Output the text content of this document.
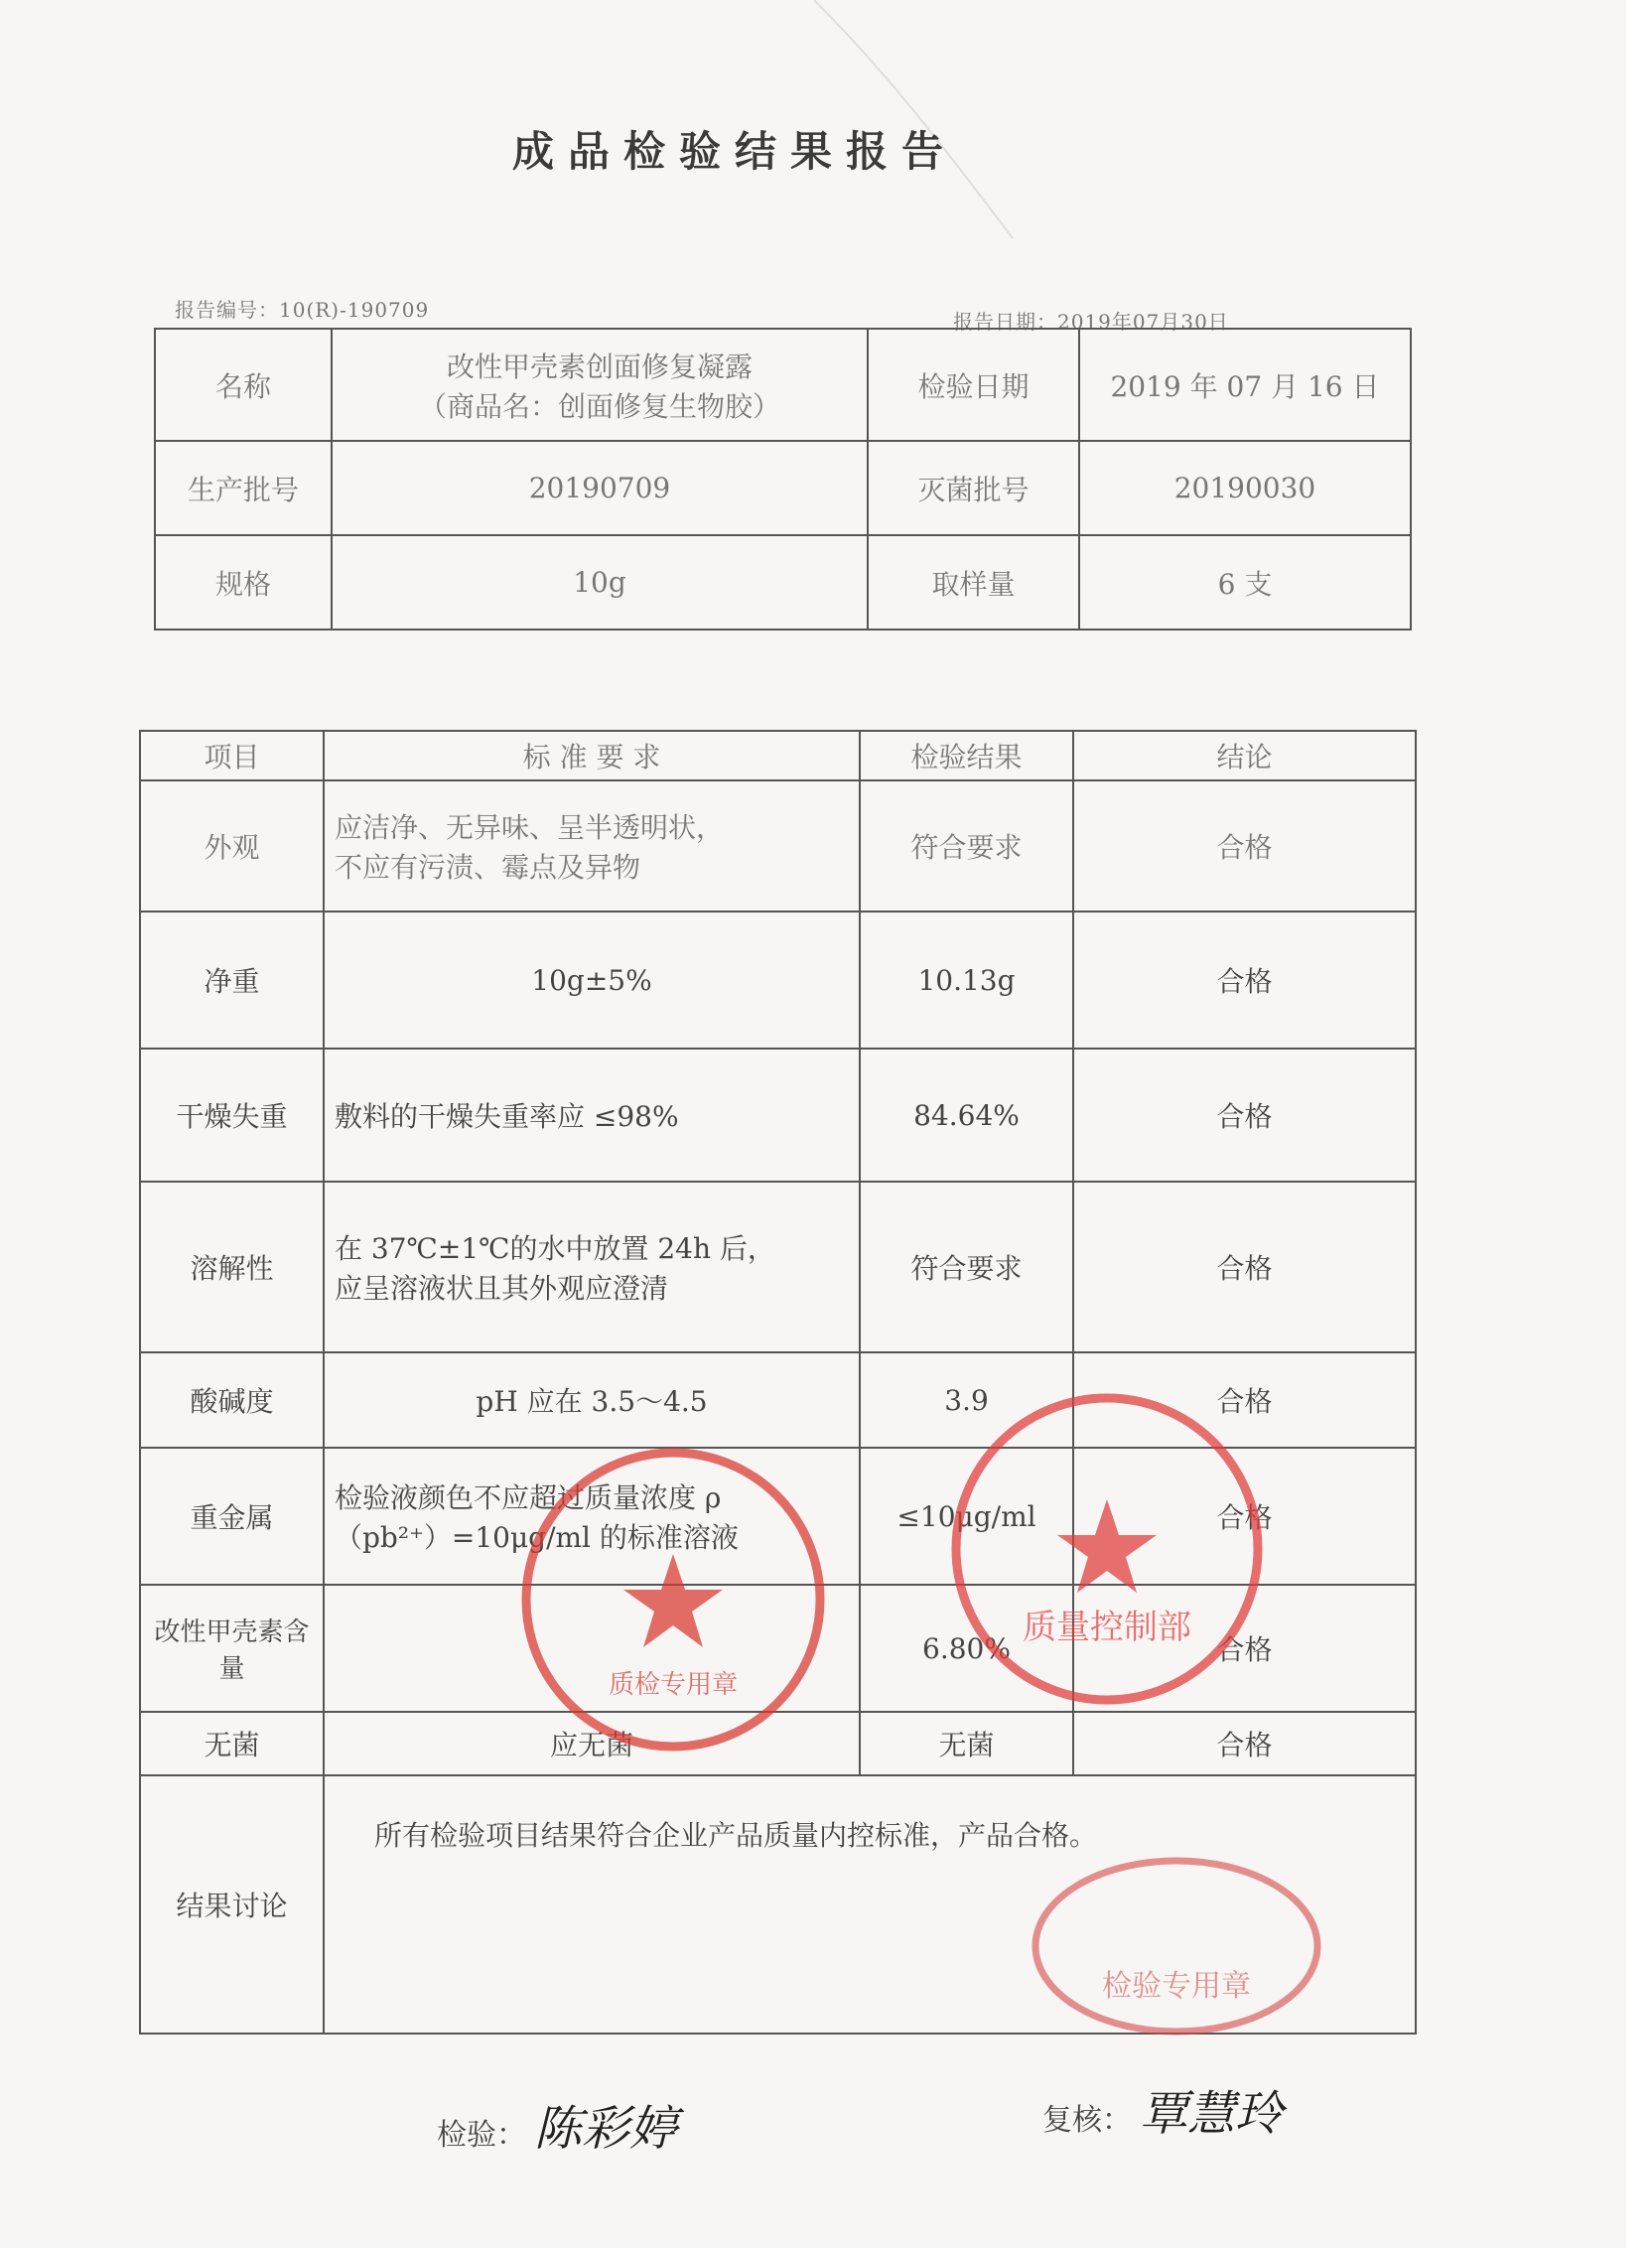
成品检验结果报告
报告编号：10(R)-190709	报告日期：2019年07月30日
名称	改性甲壳素创面修复凝露
（商品名：创面修复生物胶）	检验日期	2019 年 07 月 16 日
生产批号	20190709	灭菌批号	20190030
规格	10g	取样量	6 支
项目	标 准 要 求	检验结果	结论
外观	应洁净、无异味、呈半透明状，
不应有污渍、霉点及异物	符合要求	合格
净重	10g±5%	10.13g	合格
干燥失重	敷料的干燥失重率应 ≤98%	84.64%	合格
溶解性	在 37℃±1℃的水中放置 24h 后，
应呈溶液状且其外观应澄清	符合要求	合格
酸碱度	pH 应在 3.5～4.5	3.9	合格
重金属	检验液颜色不应超过质量浓度 ρ
（pb²⁺）=10μg/ml 的标准溶液	≤10μg/ml	合格
改性甲壳素含量		6.80%	合格
无菌	应无菌	无菌	合格
结果讨论	所有检验项目结果符合企业产品质量内控标准，产品合格。		
质检专用章
质量控制部
检验专用章
检验： 陈彩婷	复核： 覃慧玲
